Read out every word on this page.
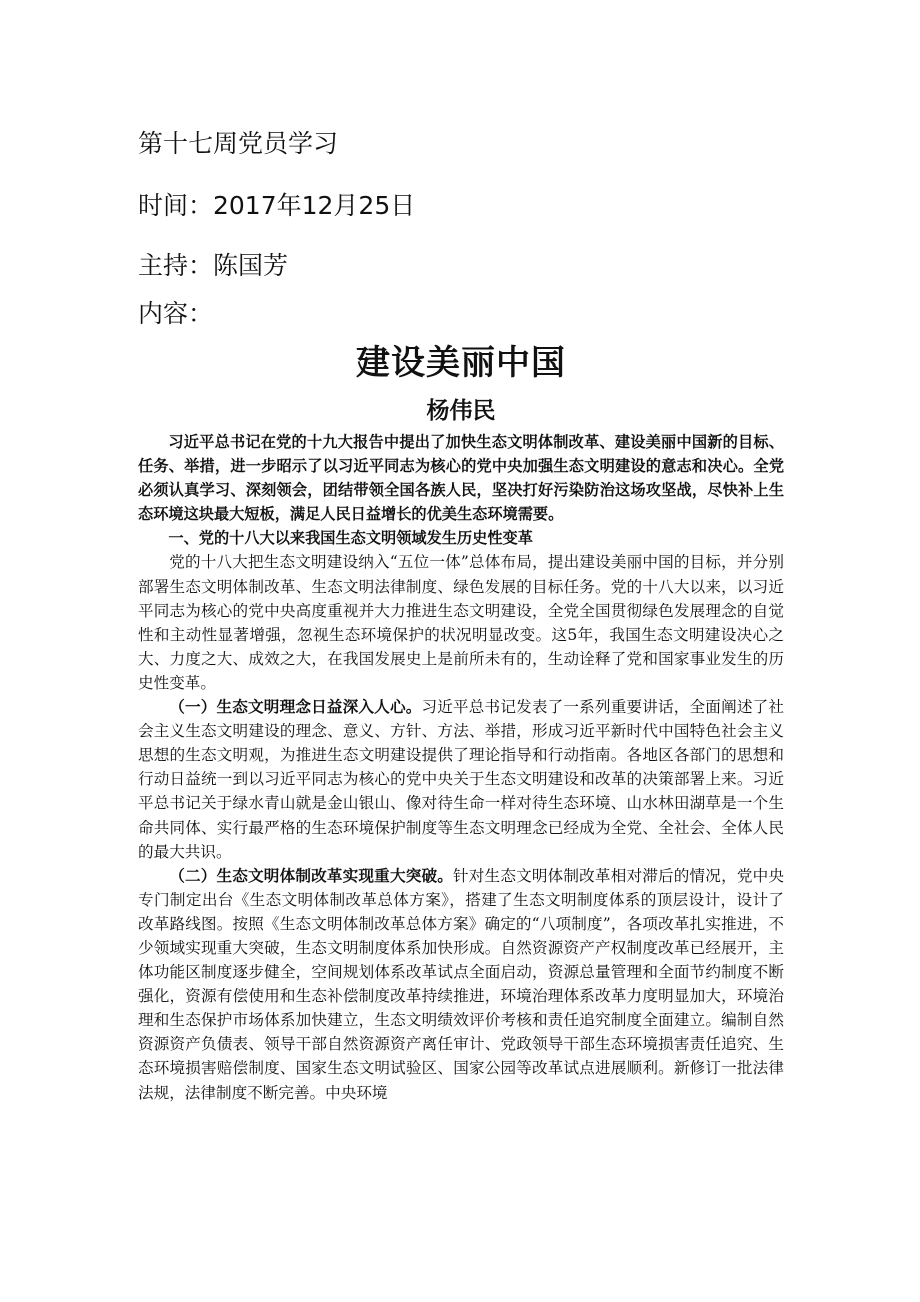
第十七周党员学习
时间：2017年12月25日
主持：陈国芳
内容：
建设美丽中国
杨伟民

习近平总书记在党的十九大报告中提出了加快生态文明体制改革、建设美丽中国新的目标、任务、举措，进一步昭示了以习近平同志为核心的党中央加强生态文明建设的意志和决心。全党必须认真学习、深刻领会，团结带领全国各族人民，坚决打好污染防治这场攻坚战，尽快补上生态环境这块最大短板，满足人民日益增长的优美生态环境需要。

一、党的十八大以来我国生态文明领域发生历史性变革

党的十八大把生态文明建设纳入“五位一体”总体布局，提出建设美丽中国的目标，并分别部署生态文明体制改革、生态文明法律制度、绿色发展的目标任务。党的十八大以来，以习近平同志为核心的党中央高度重视并大力推进生态文明建设，全党全国贯彻绿色发展理念的自觉性和主动性显著增强，忽视生态环境保护的状况明显改变。这5年，我国生态文明建设决心之大、力度之大、成效之大，在我国发展史上是前所未有的，生动诠释了党和国家事业发生的历史性变革。

（一）生态文明理念日益深入人心。习近平总书记发表了一系列重要讲话，全面阐述了社会主义生态文明建设的理念、意义、方针、方法、举措，形成习近平新时代中国特色社会主义思想的生态文明观，为推进生态文明建设提供了理论指导和行动指南。各地区各部门的思想和行动日益统一到以习近平同志为核心的党中央关于生态文明建设和改革的决策部署上来。习近平总书记关于绿水青山就是金山银山、像对待生命一样对待生态环境、山水林田湖草是一个生命共同体、实行最严格的生态环境保护制度等生态文明理念已经成为全党、全社会、全体人民的最大共识。

（二）生态文明体制改革实现重大突破。针对生态文明体制改革相对滞后的情况，党中央专门制定出台《生态文明体制改革总体方案》，搭建了生态文明制度体系的顶层设计，设计了改革路线图。按照《生态文明体制改革总体方案》确定的“八项制度”，各项改革扎实推进，不少领域实现重大突破，生态文明制度体系加快形成。自然资源资产产权制度改革已经展开，主体功能区制度逐步健全，空间规划体系改革试点全面启动，资源总量管理和全面节约制度不断强化，资源有偿使用和生态补偿制度改革持续推进，环境治理体系改革力度明显加大，环境治理和生态保护市场体系加快建立，生态文明绩效评价考核和责任追究制度全面建立。编制自然资源资产负债表、领导干部自然资源资产离任审计、党政领导干部生态环境损害责任追究、生态环境损害赔偿制度、国家生态文明试验区、国家公园等改革试点进展顺利。新修订一批法律法规，法律制度不断完善。中央环境
